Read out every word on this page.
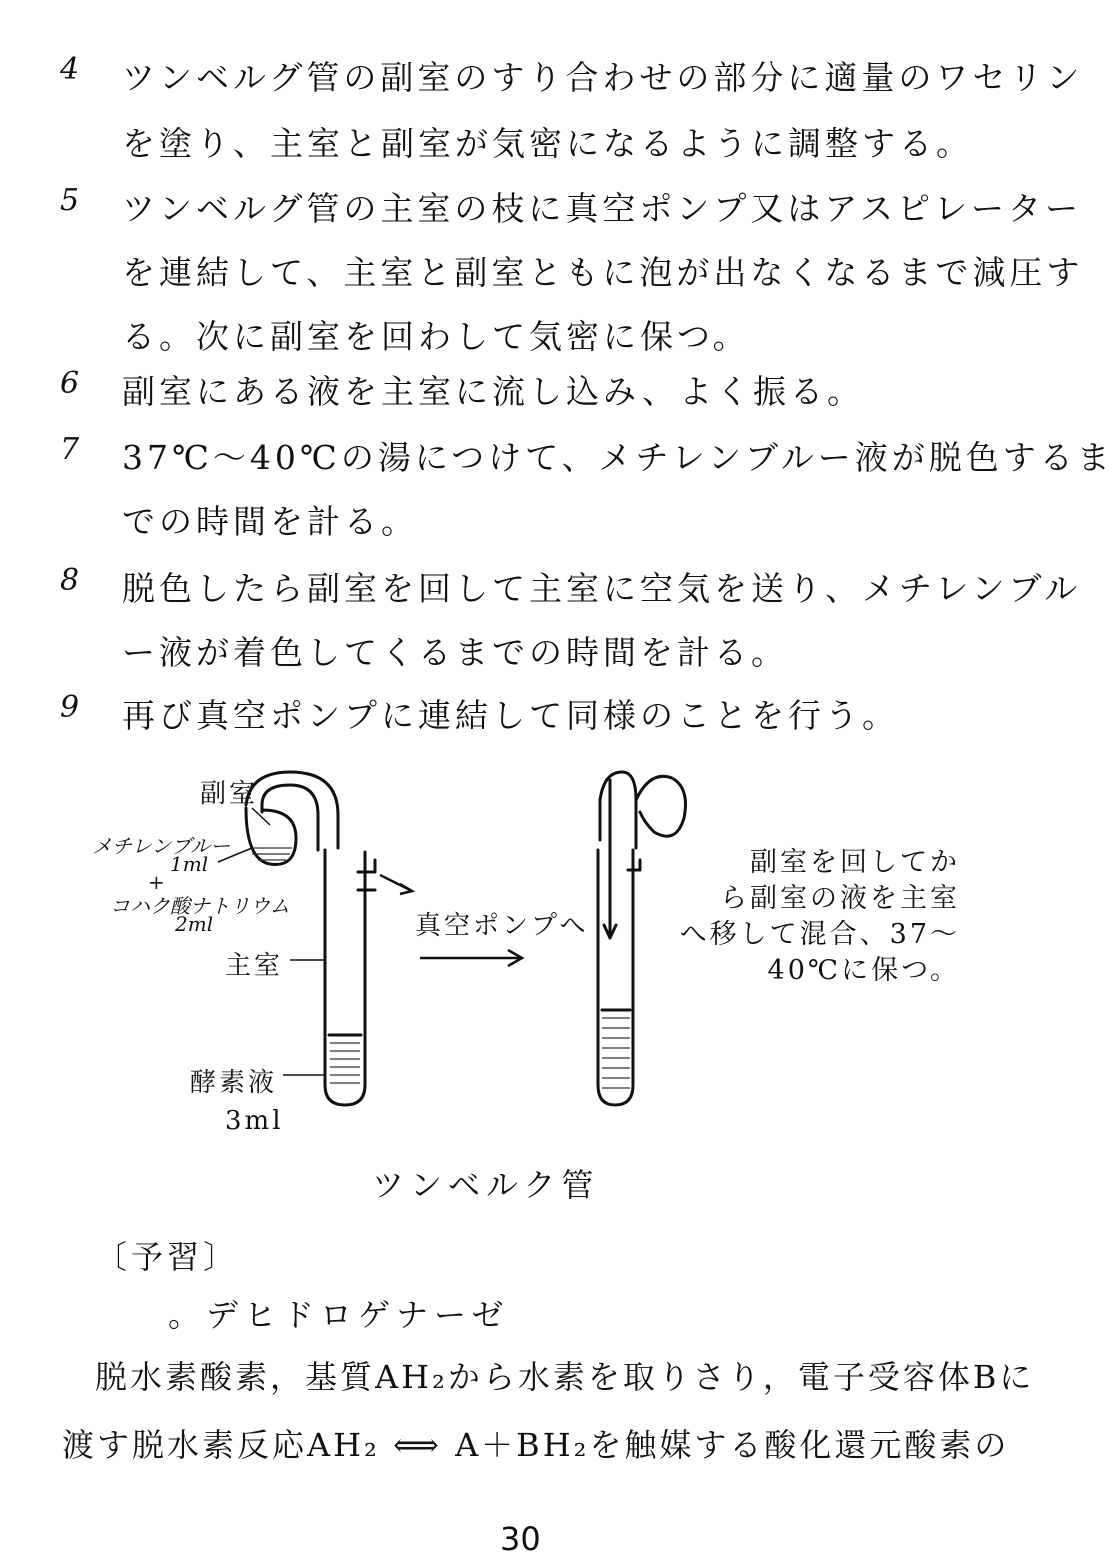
4	ツンベルグ管の副室のすり合わせの部分に適量のワセリン
を塗り、主室と副室が気密になるように調整する。
5	ツンベルグ管の主室の枝に真空ポンプ又はアスピレーター
を連結して、主室と副室ともに泡が出なくなるまで減圧す
る。次に副室を回わして気密に保つ。
6	副室にある液を主室に流し込み、よく振る。
7	37℃～40℃の湯につけて、メチレンブルー液が脱色するま
での時間を計る。
8	脱色したら副室を回して主室に空気を送り、メチレンブル
ー液が着色してくるまでの時間を計る。
9	再び真空ポンプに連結して同様のことを行う。
副室
メチレンブルー
1ml
+
コハク酸ナトリウム
2ml
主室
酵素液
3ml
真空ポンプへ
副室を回してか
ら副室の液を主室
へ移して混合、37～
40℃に保つ。
ツンベルク管
〔予習〕
。デヒドロゲナーゼ
脱水素酸素，基質AH₂から水素を取りさり，電子受容体Bに
渡す脱水素反応AH₂ ⟺ A＋BH₂を触媒する酸化還元酸素の
30
